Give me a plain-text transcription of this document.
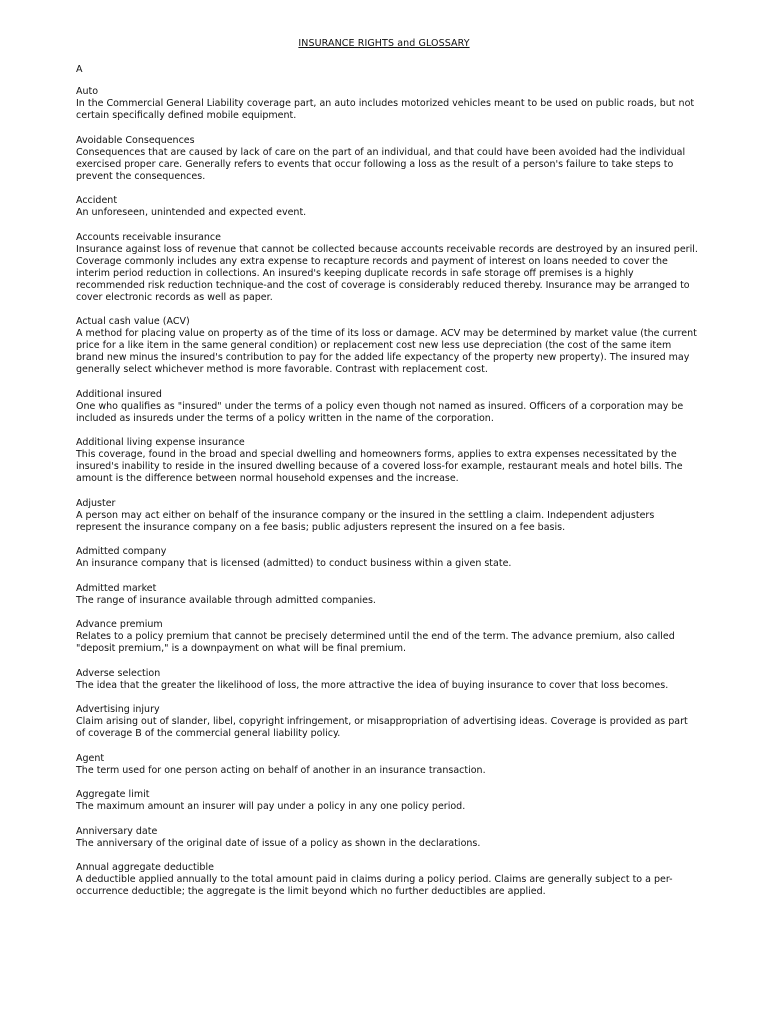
INSURANCE RIGHTS and GLOSSARY
A

Auto

In the Commercial General Liability coverage part, an auto includes motorized vehicles meant to be used on public roads, but not certain specifically defined mobile equipment.

Avoidable Consequences

Consequences that are caused by lack of care on the part of an individual, and that could have been avoided had the individual exercised proper care. Generally refers to events that occur following a loss as the result of a person's failure to take steps to prevent the consequences.

Accident

An unforeseen, unintended and expected event.

Accounts receivable insurance

Insurance against loss of revenue that cannot be collected because accounts receivable records are destroyed by an insured peril. Coverage commonly includes any extra expense to recapture records and payment of interest on loans needed to cover the interim period reduction in collections. An insured's keeping duplicate records in safe storage off premises is a highly recommended risk reduction technique-and the cost of coverage is considerably reduced thereby. Insurance may be arranged to cover electronic records as well as paper.

Actual cash value (ACV)

A method for placing value on property as of the time of its loss or damage. ACV may be determined by market value (the current price for a like item in the same general condition) or replacement cost new less use depreciation (the cost of the same item brand new minus the insured's contribution to pay for the added life expectancy of the property new property). The insured may generally select whichever method is more favorable. Contrast with replacement cost.

Additional insured

One who qualifies as "insured" under the terms of a policy even though not named as insured. Officers of a corporation may be included as insureds under the terms of a policy written in the name of the corporation.

Additional living expense insurance

This coverage, found in the broad and special dwelling and homeowners forms, applies to extra expenses necessitated by the insured's inability to reside in the insured dwelling because of a covered loss-for example, restaurant meals and hotel bills. The amount is the difference between normal household expenses and the increase.

Adjuster

A person may act either on behalf of the insurance company or the insured in the settling a claim. Independent adjusters represent the insurance company on a fee basis; public adjusters represent the insured on a fee basis.

Admitted company

An insurance company that is licensed (admitted) to conduct business within a given state.

Admitted market

The range of insurance available through admitted companies.

Advance premium

Relates to a policy premium that cannot be precisely determined until the end of the term. The advance premium, also called "deposit premium," is a downpayment on what will be final premium.

Adverse selection

The idea that the greater the likelihood of loss, the more attractive the idea of buying insurance to cover that loss becomes.

Advertising injury

Claim arising out of slander, libel, copyright infringement, or misappropriation of advertising ideas. Coverage is provided as part of coverage B of the commercial general liability policy.

Agent

The term used for one person acting on behalf of another in an insurance transaction.

Aggregate limit

The maximum amount an insurer will pay under a policy in any one policy period.

Anniversary date

The anniversary of the original date of issue of a policy as shown in the declarations.

Annual aggregate deductible

A deductible applied annually to the total amount paid in claims during a policy period. Claims are generally subject to a per-occurrence deductible; the aggregate is the limit beyond which no further deductibles are applied.
